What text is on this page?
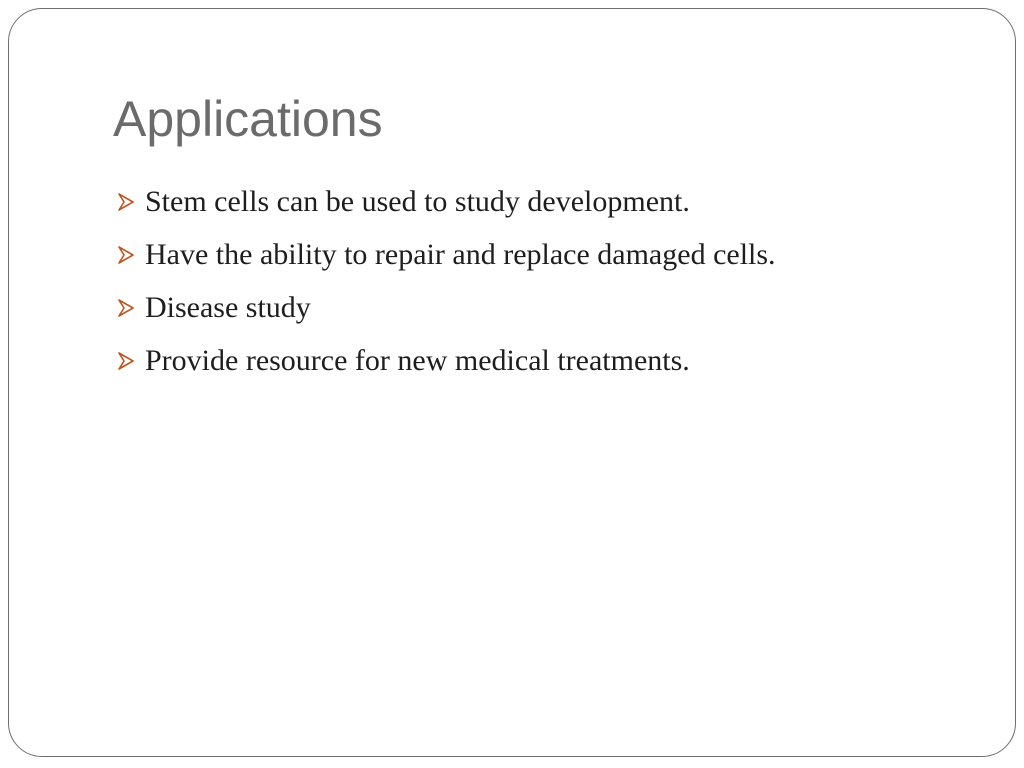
Applications
Stem cells can be used to study development.
Have the ability to repair and replace damaged cells.
Disease study
Provide resource for new medical treatments.
